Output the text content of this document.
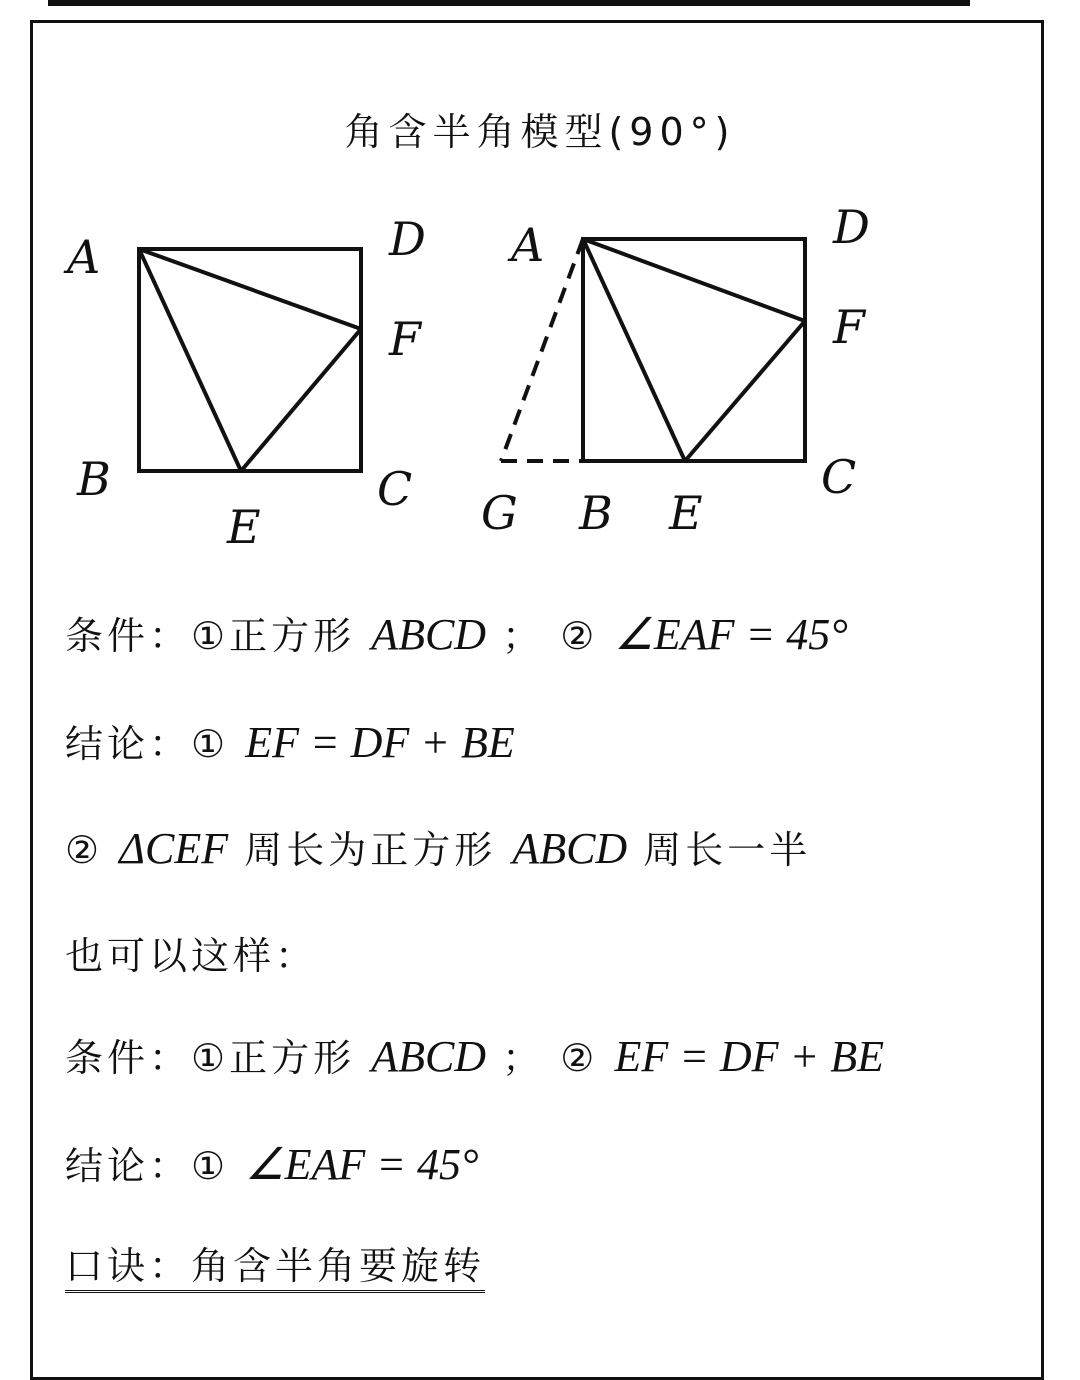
角含半角模型(90°)
A	D
F
B	C
E
A	D
F
C
G B E
条件：①正方形 ABCD ； ② ∠EAF = 45°
结论：① EF = DF + BE
② ΔCEF 周长为正方形 ABCD 周长一半
也可以这样：
条件：①正方形 ABCD ； ② EF = DF + BE
结论：① ∠EAF = 45°
口诀：角含半角要旋转
